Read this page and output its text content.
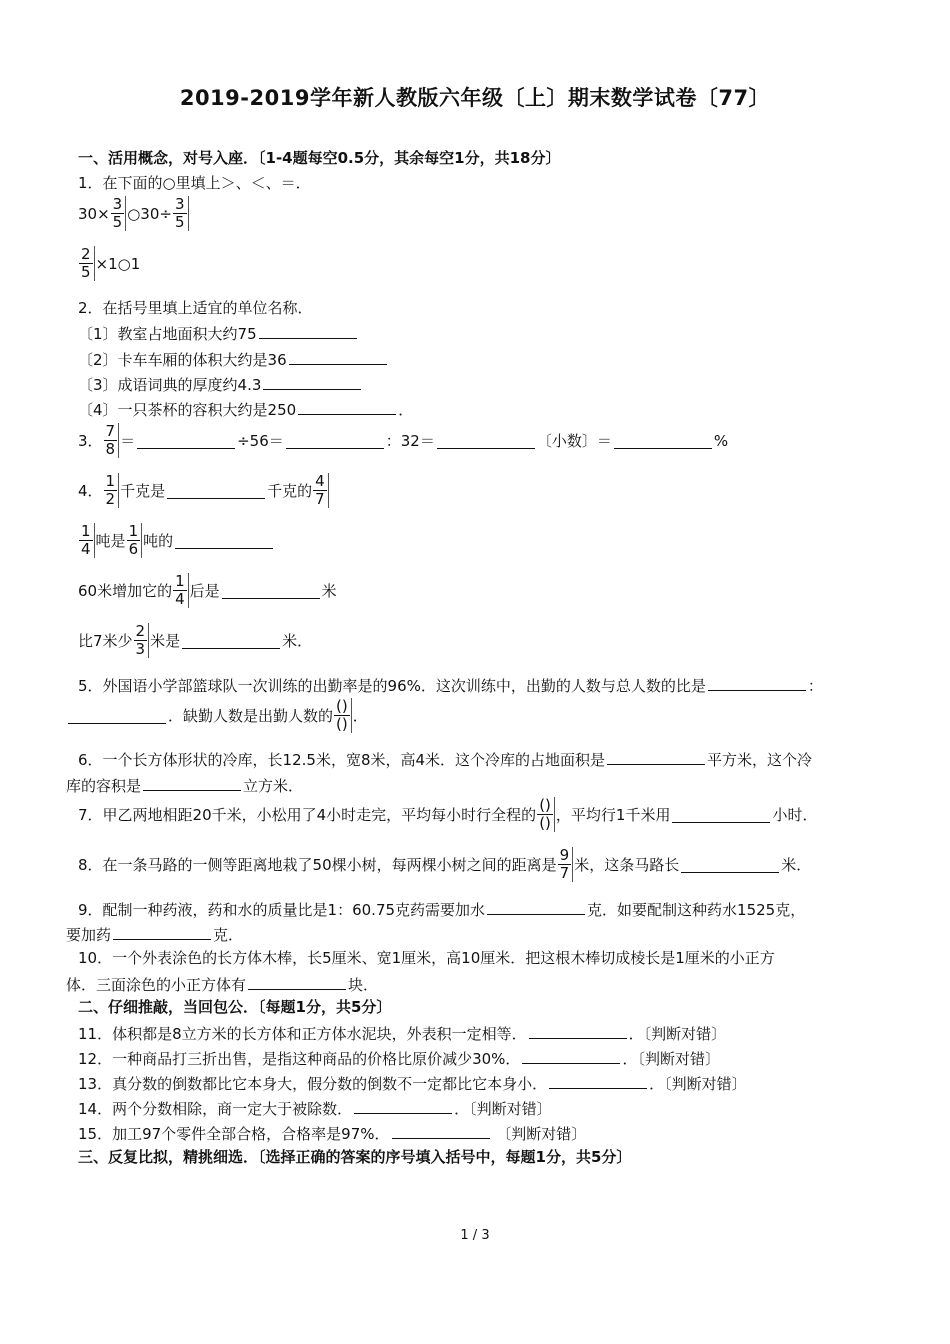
2019-2019学年新人教版六年级〔上〕期末数学试卷〔77〕
一、活用概念，对号入座．〔1-4题每空0.5分，其余每空1分，共18分〕
1．在下面的○里填上＞、＜、＝．
$30\times \frac{3}{5}$ ○30÷ $\frac{3}{5}$
$\frac{2}{5}$ ×1○1
2．在括号里填上适宜的单位名称．
〔1〕教室占地面积大约75
〔2〕卡车车厢的体积大约是36
〔3〕成语词典的厚度约4.3
〔4〕一只茶杯的容积大约是250	．
3． $\frac{7}{8}$ ＝	÷56＝	：32＝	〔小数〕＝	%
4． $\frac{1}{2}$ 千克是	千克的 $\frac{4}{7}$
$\frac{1}{4}$ 吨是 $\frac{1}{6}$ 吨的
60米增加它的 $\frac{1}{4}$ 后是	米
比7米少 $\frac{2}{3}$ 米是	米．
5．外国语小学部篮球队一次训练的出勤率是的96%．这次训练中，出勤的人数与总人数的比是	：
．缺勤人数是出勤人数的 $\frac{()}{()}$ ．
6．一个长方体形状的冷库，长12.5米，宽8米，高4米．这个冷库的占地面积是	平方米，这个冷
库的容积是	立方米．
7．甲乙两地相距20千米，小松用了4小时走完，平均每小时行全程的 $\frac{()}{()}$ ，平均行1千米用	小时．
8．在一条马路的一侧等距离地栽了50棵小树，每两棵小树之间的距离是 $\frac{9}{7}$ 米，这条马路长	米．
9．配制一种药液，药和水的质量比是1：60.75克药需要加水	克．如要配制这种药水1525克，
要加药	克．
10．一个外表涂色的长方体木棒，长5厘米、宽1厘米，高10厘米．把这根木棒切成棱长是1厘米的小正方
体．三面涂色的小正方体有	块．
二、仔细推敲，当回包公．〔每题1分，共5分〕
11．体积都是8立方米的长方体和正方体水泥块，外表积一定相等．	．〔判断对错〕
12．一种商品打三折出售，是指这种商品的价格比原价减少30%．	．〔判断对错〕
13．真分数的倒数都比它本身大，假分数的倒数不一定都比它本身小．	．〔判断对错〕
14．两个分数相除，商一定大于被除数．	．〔判断对错〕
15．加工97个零件全部合格，合格率是97%．	〔判断对错〕
三、反复比拟，精挑细选．〔选择正确的答案的序号填入括号中，每题1分，共5分〕
1 / 3
